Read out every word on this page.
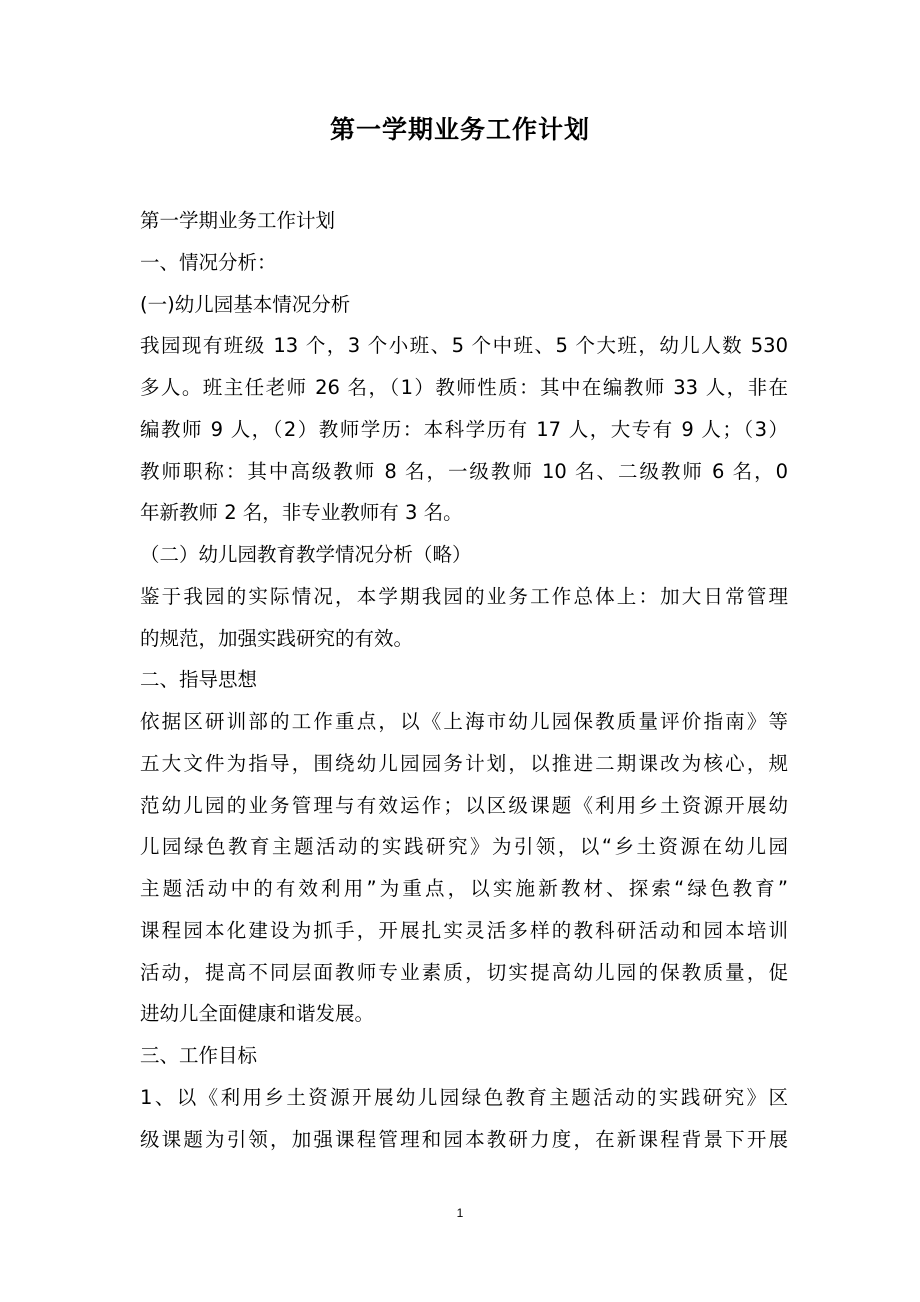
第一学期业务工作计划
第一学期业务工作计划
一、情况分析：
(一)幼儿园基本情况分析
我园现有班级 13 个，3 个小班、5 个中班、5 个大班，幼儿人数 530
多人。班主任老师 26 名，（1）教师性质：其中在编教师 33 人，非在
编教师 9 人，（2）教师学历：本科学历有 17 人，大专有 9 人；（3）
教师职称：其中高级教师 8 名，一级教师 10 名、二级教师 6 名，0
年新教师 2 名，非专业教师有 3 名。
（二）幼儿园教育教学情况分析（略）
鉴于我园的实际情况，本学期我园的业务工作总体上：加大日常管理
的规范，加强实践研究的有效。
二、指导思想
依据区研训部的工作重点，以《上海市幼儿园保教质量评价指南》等
五大文件为指导，围绕幼儿园园务计划，以推进二期课改为核心，规
范幼儿园的业务管理与有效运作；以区级课题《利用乡土资源开展幼
儿园绿色教育主题活动的实践研究》为引领，以“乡土资源在幼儿园
主题活动中的有效利用”为重点，以实施新教材、探索“绿色教育”
课程园本化建设为抓手，开展扎实灵活多样的教科研活动和园本培训
活动，提高不同层面教师专业素质，切实提高幼儿园的保教质量，促
进幼儿全面健康和谐发展。
三、工作目标
1、以《利用乡土资源开展幼儿园绿色教育主题活动的实践研究》区
级课题为引领，加强课程管理和园本教研力度，在新课程背景下开展
1
